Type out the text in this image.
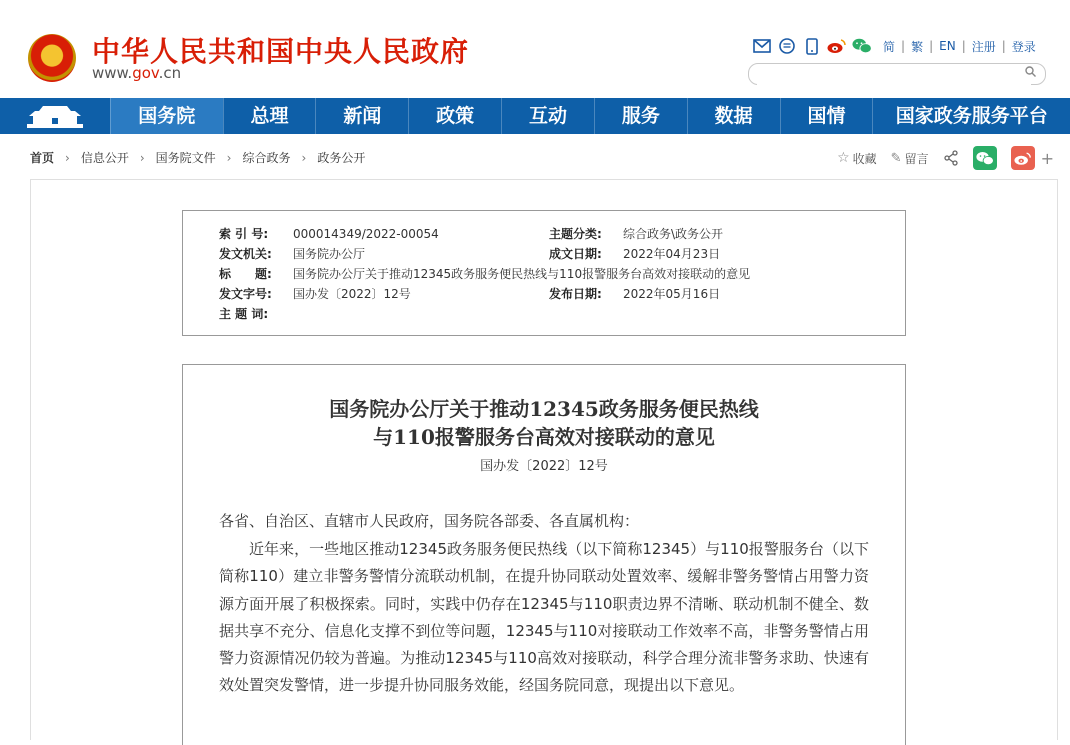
中华人民共和国中央人民政府
www.gov.cn
简 | 繁 | EN | 注册 | 登录
国务院	总理	新闻	政策	互动	服务	数据	国情	国家政务服务平台
首页 › 信息公开 › 国务院文件 › 综合政务 › 政务公开	☆ 收藏 ✎ 留言	+
索 引 号: 000014349/2022-00054	主题分类: 综合政务\政务公开
发文机关: 国务院办公厅	成文日期: 2022年04月23日
标　　题: 国务院办公厅关于推动12345政务服务便民热线与110报警服务台高效对接联动的意见
发文字号: 国办发〔2022〕12号	发布日期: 2022年05月16日
主 题 词:
国务院办公厅关于推动12345政务服务便民热线
与110报警服务台高效对接联动的意见
国办发〔2022〕12号
各省、自治区、直辖市人民政府，国务院各部委、各直属机构：
近年来，一些地区推动12345政务服务便民热线（以下简称12345）与110报警服务台（以下简称110）建立非警务警情分流联动机制，在提升协同联动处置效率、缓解非警务警情占用警力资源方面开展了积极探索。同时，实践中仍存在12345与110职责边界不清晰、联动机制不健全、数据共享不充分、信息化支撑不到位等问题，12345与110对接联动工作效率不高，非警务警情占用警力资源情况仍较为普遍。为推动12345与110高效对接联动，科学合理分流非警务求助、快速有效处置突发警情，进一步提升协同服务效能，经国务院同意，现提出以下意见。
